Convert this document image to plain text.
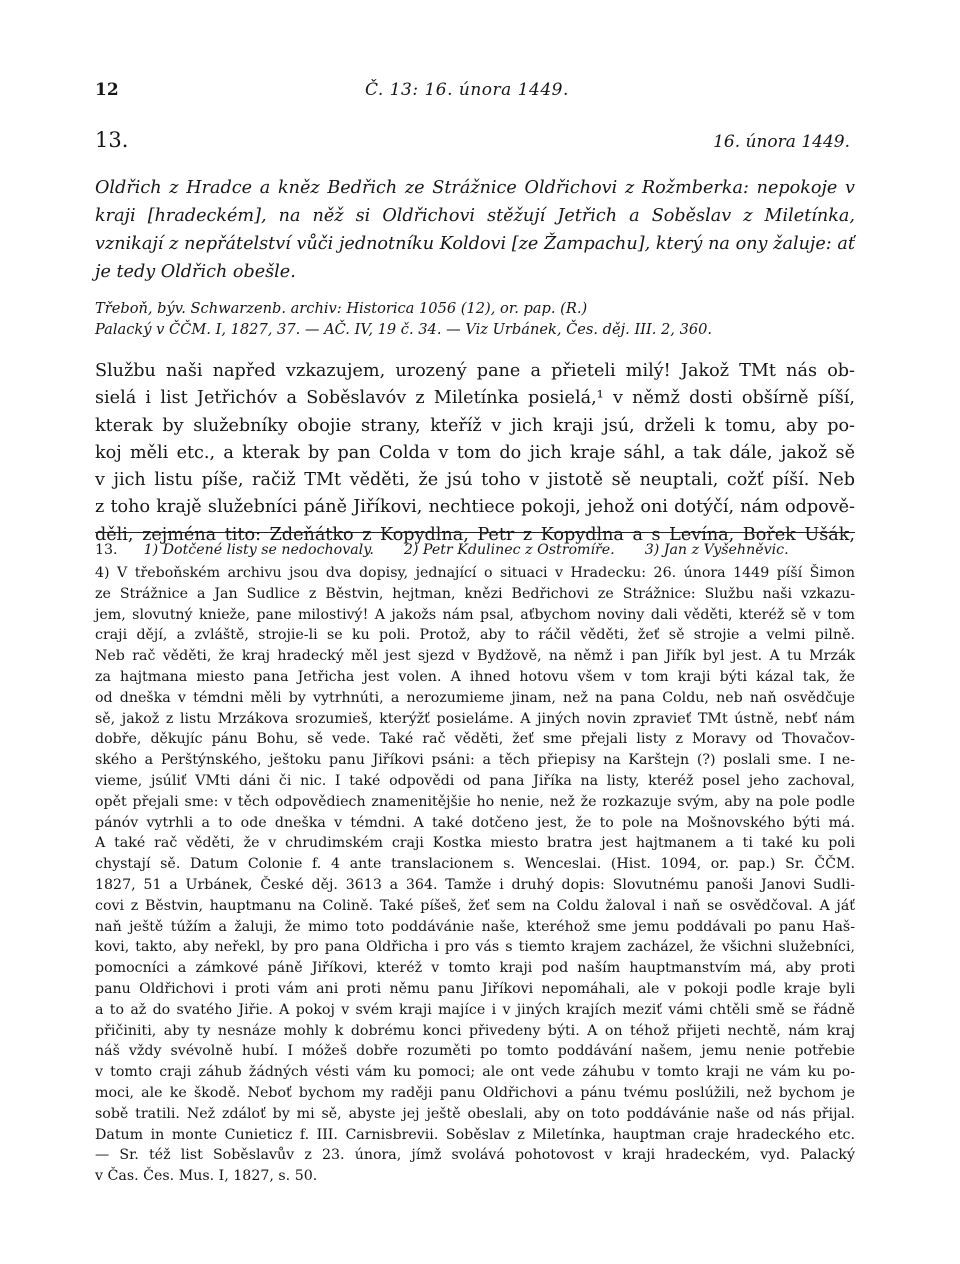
12	Č. 13: 16. února 1449.
13.	16. února 1449.

Oldřich z Hradce a kněz Bedřich ze Strážnice Oldřichovi z Rožmberka: nepokoje v kraji [hradeckém], na něž si Oldřichovi stěžují Jetřich a Soběslav z Miletínka, vznikají z nepřátelství vůči jednotníku Koldovi [ze Žampachu], který na ony žaluje: ať je tedy Oldřich obešle.

Třeboň, býv. Schwarzenb. archiv: Historica 1056 (12), or. pap. (R.)
Palacký v ČČM. I, 1827, 37. — AČ. IV, 19 č. 34. — Viz Urbánek, Čes. děj. III. 2, 360.
Službu naši napřed vzkazujem, urozený pane a přieteli milý! Jakož TMt nás ob-
sielá i list Jetřichóv a Soběslavóv z Miletínka posielá,¹ v němž dosti obšírně píší,
kterak by služebníky obojie strany, kteříž v jich kraji jsú, drželi k tomu, aby po-
koj měli etc., a kterak by pan Colda v tom do jich kraje sáhl, a tak dále, jakož sě
v jich listu píše, račiž TMt věděti, že jsú toho v jistotě sě neuptali, cožť píší. Neb
z toho krajě služebníci páně Jiříkovi, nechtiece pokoji, jehož oni dotýčí, nám odpově-
děli, zejména tito: Zdeňátko z Kopydlna, Petr z Kopydlna a s Levína, Bořek Ušák,
13. 1) Dotčené listy se nedochovaly. 2) Petr Kdulinec z Ostromíře. 3) Jan z Vyšehněvic.
4) V třeboňském archivu jsou dva dopisy, jednající o situaci v Hradecku: 26. února 1449 píší Šimon
ze Strážnice a Jan Sudlice z Běstvin, hejtman, knězi Bedřichovi ze Strážnice: Službu naši vzkazu-
jem, slovutný knieže, pane milostivý! A jakožs nám psal, aťbychom noviny dali věděti, kteréž sě v tom
craji dějí, a zvláště, strojie-li se ku poli. Protož, aby to ráčil věděti, žeť sě strojie a velmi pilně.
Neb rač věděti, že kraj hradecký měl jest sjezd v Bydžově, na němž i pan Jiřík byl jest. A tu Mrzák
za hajtmana miesto pana Jetřicha jest volen. A ihned hotovu všem v tom kraji býti kázal tak, že
od dneška v témdni měli by vytrhnúti, a nerozumieme jinam, než na pana Coldu, neb naň osvědčuje
sě, jakož z listu Mrzákova srozumieš, kterýžť posieláme. A jiných novin zpravieť TMt ústně, nebť nám
dobře, děkujíc pánu Bohu, sě vede. Také rač věděti, žeť sme přejali listy z Moravy od Thovačov-
ského a Perštýnského, ještoku panu Jiříkovi psáni: a těch přiepisy na Karštejn (?) poslali sme. I ne-
vieme, jsúliť VMti dáni či nic. I také odpovědi od pana Jiříka na listy, kteréž posel jeho zachoval,
opět přejali sme: v těch odpovědiech znamenitějšie ho nenie, než že rozkazuje svým, aby na pole podle
pánóv vytrhli a to ode dneška v témdni. A také dotčeno jest, že to pole na Mošnovského býti má.
A také rač věděti, že v chrudimském craji Kostka miesto bratra jest hajtmanem a ti také ku poli
chystají sě. Datum Colonie f. 4 ante translacionem s. Wenceslai. (Hist. 1094, or. pap.) Sr. ČČM.
1827, 51 a Urbánek, České děj. 3613 a 364. Tamže i druhý dopis: Slovutnému panoši Janovi Sudli-
covi z Běstvin, hauptmanu na Colině. Také píšeš, žeť sem na Coldu žaloval i naň se osvědčoval. A jáť
naň ještě túžím a žaluji, že mimo toto poddávánie naše, kteréhož sme jemu poddávali po panu Haš-
kovi, takto, aby neřekl, by pro pana Oldřicha i pro vás s tiemto krajem zacházel, že všichni služebníci,
pomocníci a zámkové páně Jiříkovi, kteréž v tomto kraji pod naším hauptmanstvím má, aby proti
panu Oldřichovi i proti vám ani proti němu panu Jiříkovi nepomáhali, ale v pokoji podle kraje byli
a to až do svatého Jiřie. A pokoj v svém kraji majíce i v jiných krajích meziť vámi chtěli smě se řádně
přičiniti, aby ty nesnáze mohly k dobrému konci přivedeny býti. A on téhož přijeti nechtě, nám kraj
náš vždy svévolně hubí. I móžeš dobře rozuměti po tomto poddávání našem, jemu nenie potřebie
v tomto craji záhub žádných vésti vám ku pomoci; ale ont vede záhubu v tomto kraji ne vám ku po-
moci, ale ke škodě. Neboť bychom my raději panu Oldřichovi a pánu tvému poslúžili, než bychom je
sobě tratili. Než zdáloť by mi sě, abyste jej ještě obeslali, aby on toto poddávánie naše od nás přijal.
Datum in monte Cunieticz f. III. Carnisbrevii. Soběslav z Miletínka, hauptman craje hradeckého etc.
— Sr. též list Soběslavův z 23. února, jímž svolává pohotovost v kraji hradeckém, vyd. Palacký
v Čas. Čes. Mus. I, 1827, s. 50.
